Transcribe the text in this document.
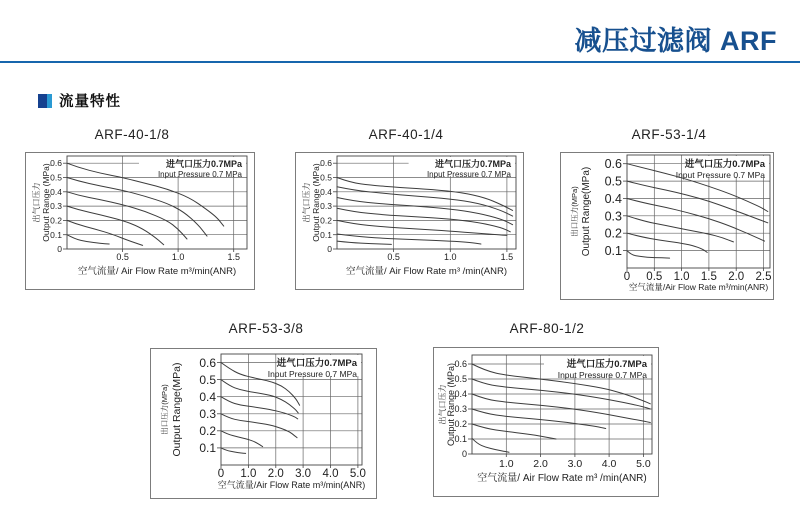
减压过滤阀 ARF
流量特性
ARF-40-1/8
进气口压力0.7MPa
Input Pressure 0.7 MPa
0.6
0.5
0.4
0.3
0.2
0.1
0
0.5	1.0	1.5
空气流量/ Air Flow Rate m³/min(ANR)
出气口压力 Output Range (MPa)
ARF-40-1/4
进气口压力0.7MPa
Input Pressure 0.7 MPa
0.6
0.5
0.4
0.3
0.2
0.1
0
0.5	1.0	1.5
空气流量/ Air Flow Rate m³ /min(ANR)
出气口压力 Output Range (MPa)
ARF-53-1/4
进气口压力0.7MPa
Input Pressure 0.7 MPa
0.6
0.5
0.4
0.3
0.2
0.1
0 0.5 1.0 1.5 2.0 2.5
空气流量/Air Flow Rate m³/min(ANR)
出口压力(MPa) Output Range(MPa)
ARF-53-3/8
进气口压力0.7MPa
Input Pressure 0.7 MPa
0.6
0.5
0.4
0.3
0.2
0.1
0 1.0 2.0 3.0 4.0 5.0
空气流量/Air Flow Rate m³/min(ANR)
出口压力(MPa) Output Range(MPa)
ARF-80-1/2
进气口压力0.7MPa
Input Pressure 0.7 MPa
0.6
0.5
0.4
0.3
0.2
0.1
0
1.0 2.0 3.0 4.0 5.0
空气流量/ Air Flow Rate m³ /min(ANR)
出气口压力 Output Range (MPa)
